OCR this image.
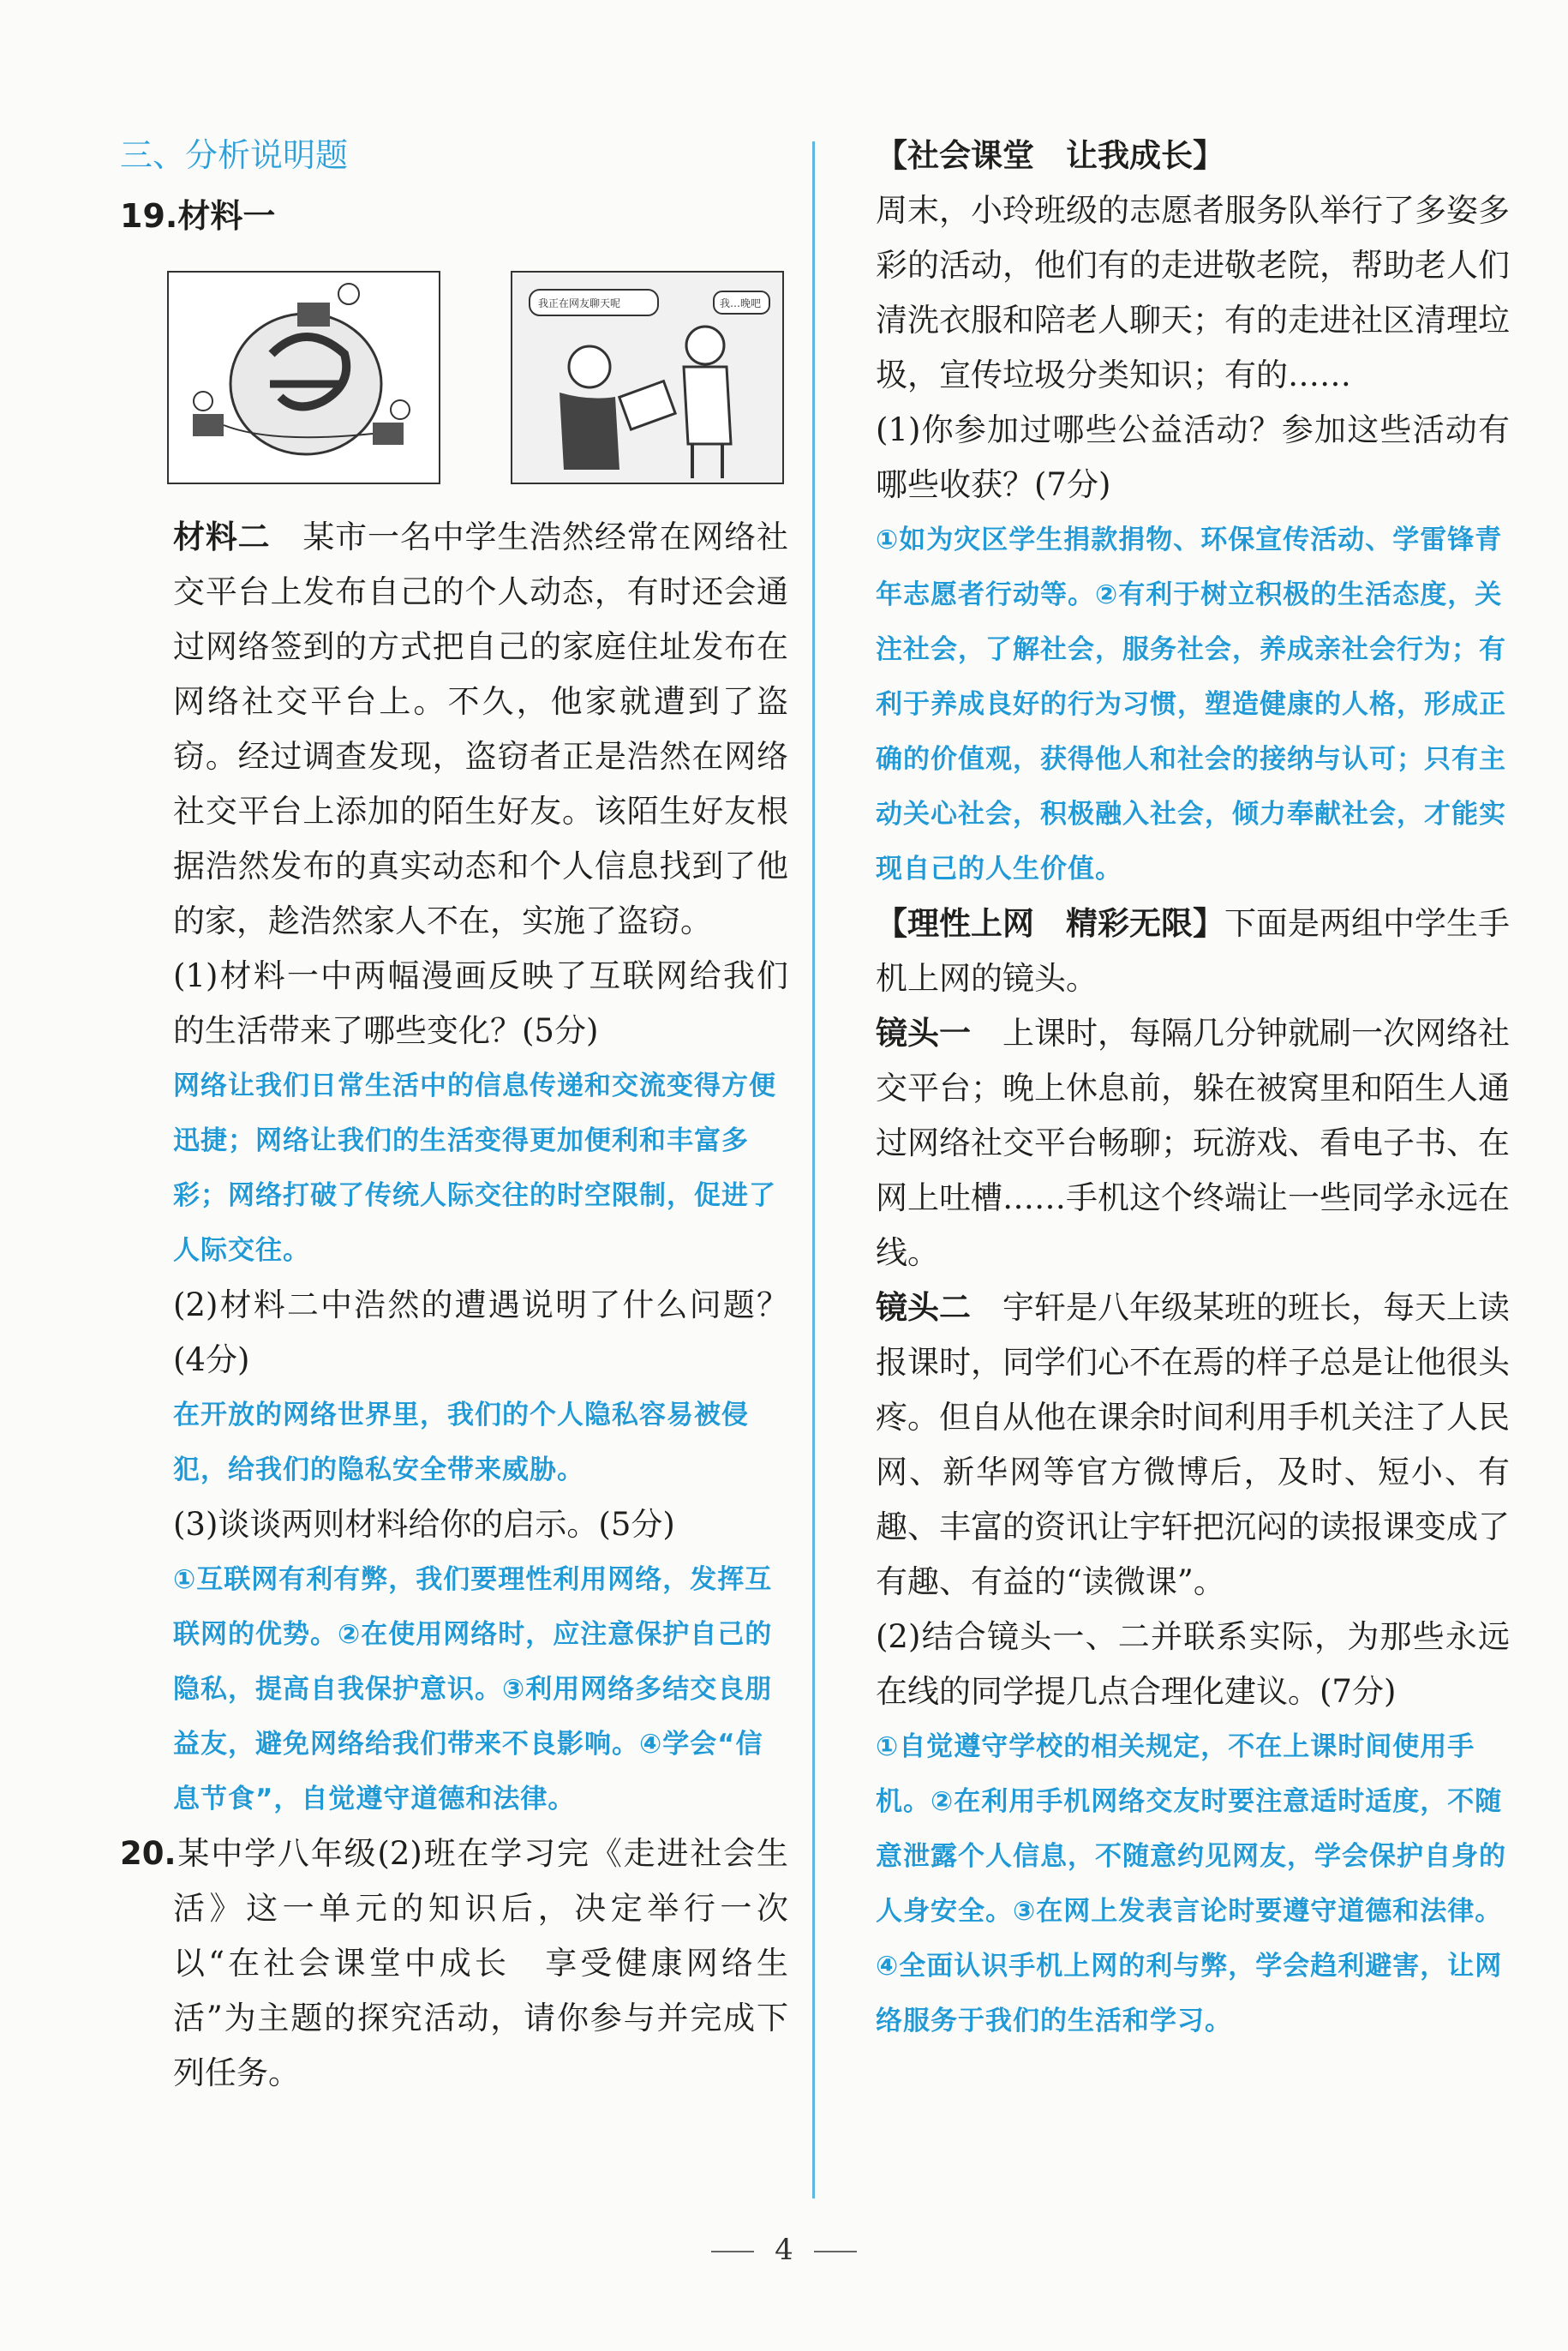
三、分析说明题
19.材料一
我正在网友聊天呢	我…晚吧

材料二　 某市一名中学生浩然经常在网络社交平台上发布自己的个人动态，有时还会通过网络签到的方式把自己的家庭住址发布在网络社交平台上。不久，他家就遭到了盗窃。经过调查发现，盗窃者正是浩然在网络社交平台上添加的陌生好友。该陌生好友根据浩然发布的真实动态和个人信息找到了他的家，趁浩然家人不在，实施了盗窃。

(1)材料一中两幅漫画反映了互联网给我们的生活带来了哪些变化？(5分)

网络让我们日常生活中的信息传递和交流变得方便迅捷；网络让我们的生活变得更加便利和丰富多彩；网络打破了传统人际交往的时空限制，促进了人际交往。

(2)材料二中浩然的遭遇说明了什么问题？(4分)

在开放的网络世界里，我们的个人隐私容易被侵犯，给我们的隐私安全带来威胁。

(3)谈谈两则材料给你的启示。(5分)

①互联网有利有弊，我们要理性利用网络，发挥互联网的优势。②在使用网络时，应注意保护自己的隐私，提高自我保护意识。③利用网络多结交良朋益友，避免网络给我们带来不良影响。④学会“信息节食”，自觉遵守道德和法律。

20.某中学八年级(2)班在学习完《走进社会生活》这一单元的知识后，决定举行一次以“在社会课堂中成长　享受健康网络生活”为主题的探究活动，请你参与并完成下列任务。

【社会课堂　让我成长】

周末，小玲班级的志愿者服务队举行了多姿多彩的活动，他们有的走进敬老院，帮助老人们清洗衣服和陪老人聊天；有的走进社区清理垃圾，宣传垃圾分类知识；有的……

(1)你参加过哪些公益活动？参加这些活动有哪些收获？(7分)

①如为灾区学生捐款捐物、环保宣传活动、学雷锋青年志愿者行动等。②有利于树立积极的生活态度，关注社会，了解社会，服务社会，养成亲社会行为；有利于养成良好的行为习惯，塑造健康的人格，形成正确的价值观，获得他人和社会的接纳与认可；只有主动关心社会，积极融入社会，倾力奉献社会，才能实现自己的人生价值。

【理性上网　精彩无限】下面是两组中学生手机上网的镜头。

镜头一　 上课时，每隔几分钟就刷一次网络社交平台；晚上休息前，躲在被窝里和陌生人通过网络社交平台畅聊；玩游戏、看电子书、在网上吐槽……手机这个终端让一些同学永远在线。

镜头二　 宇轩是八年级某班的班长，每天上读报课时，同学们心不在焉的样子总是让他很头疼。但自从他在课余时间利用手机关注了人民网、新华网等官方微博后，及时、短小、有趣、丰富的资讯让宇轩把沉闷的读报课变成了有趣、有益的“读微课”。

(2)结合镜头一、二并联系实际，为那些永远在线的同学提几点合理化建议。(7分)

①自觉遵守学校的相关规定，不在上课时间使用手机。②在利用手机网络交友时要注意适时适度，不随意泄露个人信息，不随意约见网友，学会保护自身的人身安全。③在网上发表言论时要遵守道德和法律。④全面认识手机上网的利与弊，学会趋利避害，让网络服务于我们的生活和学习。

4
